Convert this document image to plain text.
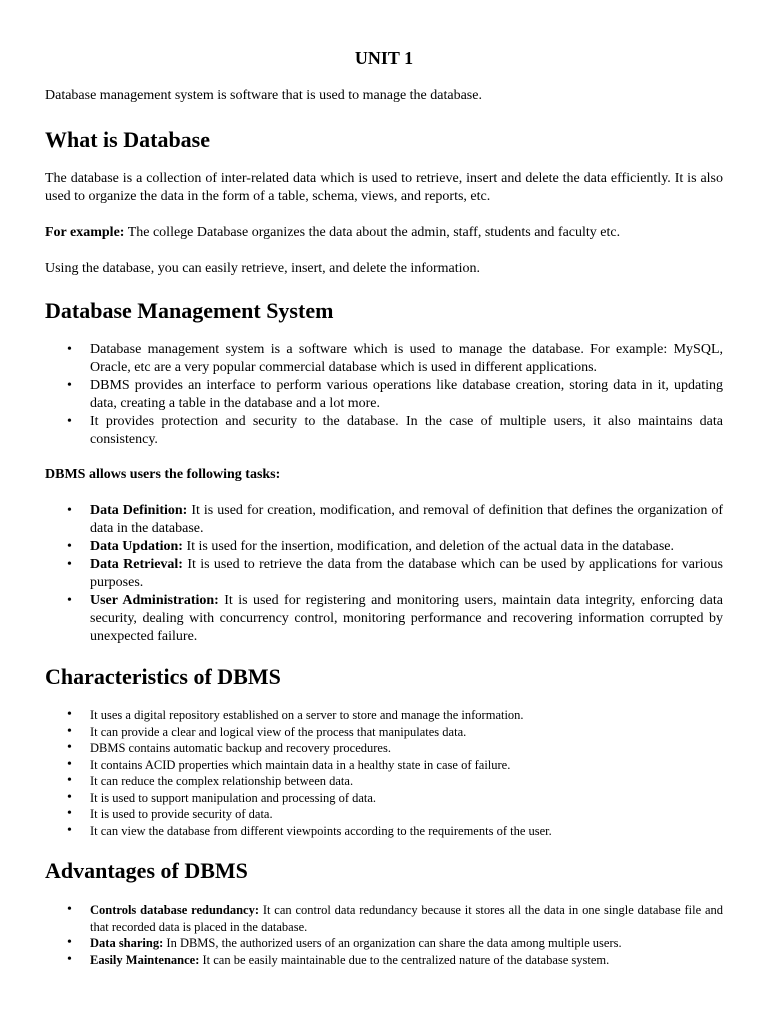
UNIT 1

Database management system is software that is used to manage the database.

What is Database

The database is a collection of inter-related data which is used to retrieve, insert and delete the data efficiently. It is also used to organize the data in the form of a table, schema, views, and reports, etc.

For example: The college Database organizes the data about the admin, staff, students and faculty etc.

Using the database, you can easily retrieve, insert, and delete the information.

Database Management System
• Database management system is a software which is used to manage the database. For example: MySQL, Oracle, etc are a very popular commercial database which is used in different applications.
• DBMS provides an interface to perform various operations like database creation, storing data in it, updating data, creating a table in the database and a lot more.
• It provides protection and security to the database. In the case of multiple users, it also maintains data consistency.

DBMS allows users the following tasks:

• Data Definition: It is used for creation, modification, and removal of definition that defines the organization of data in the database.
• Data Updation: It is used for the insertion, modification, and deletion of the actual data in the database.
• Data Retrieval: It is used to retrieve the data from the database which can be used by applications for various purposes.
• User Administration: It is used for registering and monitoring users, maintain data integrity, enforcing data security, dealing with concurrency control, monitoring performance and recovering information corrupted by unexpected failure.
Characteristics of DBMS
• It uses a digital repository established on a server to store and manage the information.
• It can provide a clear and logical view of the process that manipulates data.
• DBMS contains automatic backup and recovery procedures.
• It contains ACID properties which maintain data in a healthy state in case of failure.
• It can reduce the complex relationship between data.
• It is used to support manipulation and processing of data.
• It is used to provide security of data.
• It can view the database from different viewpoints according to the requirements of the user.
Advantages of DBMS
• Controls database redundancy: It can control data redundancy because it stores all the data in one single database file and that recorded data is placed in the database.
• Data sharing: In DBMS, the authorized users of an organization can share the data among multiple users.
• Easily Maintenance: It can be easily maintainable due to the centralized nature of the database system.
